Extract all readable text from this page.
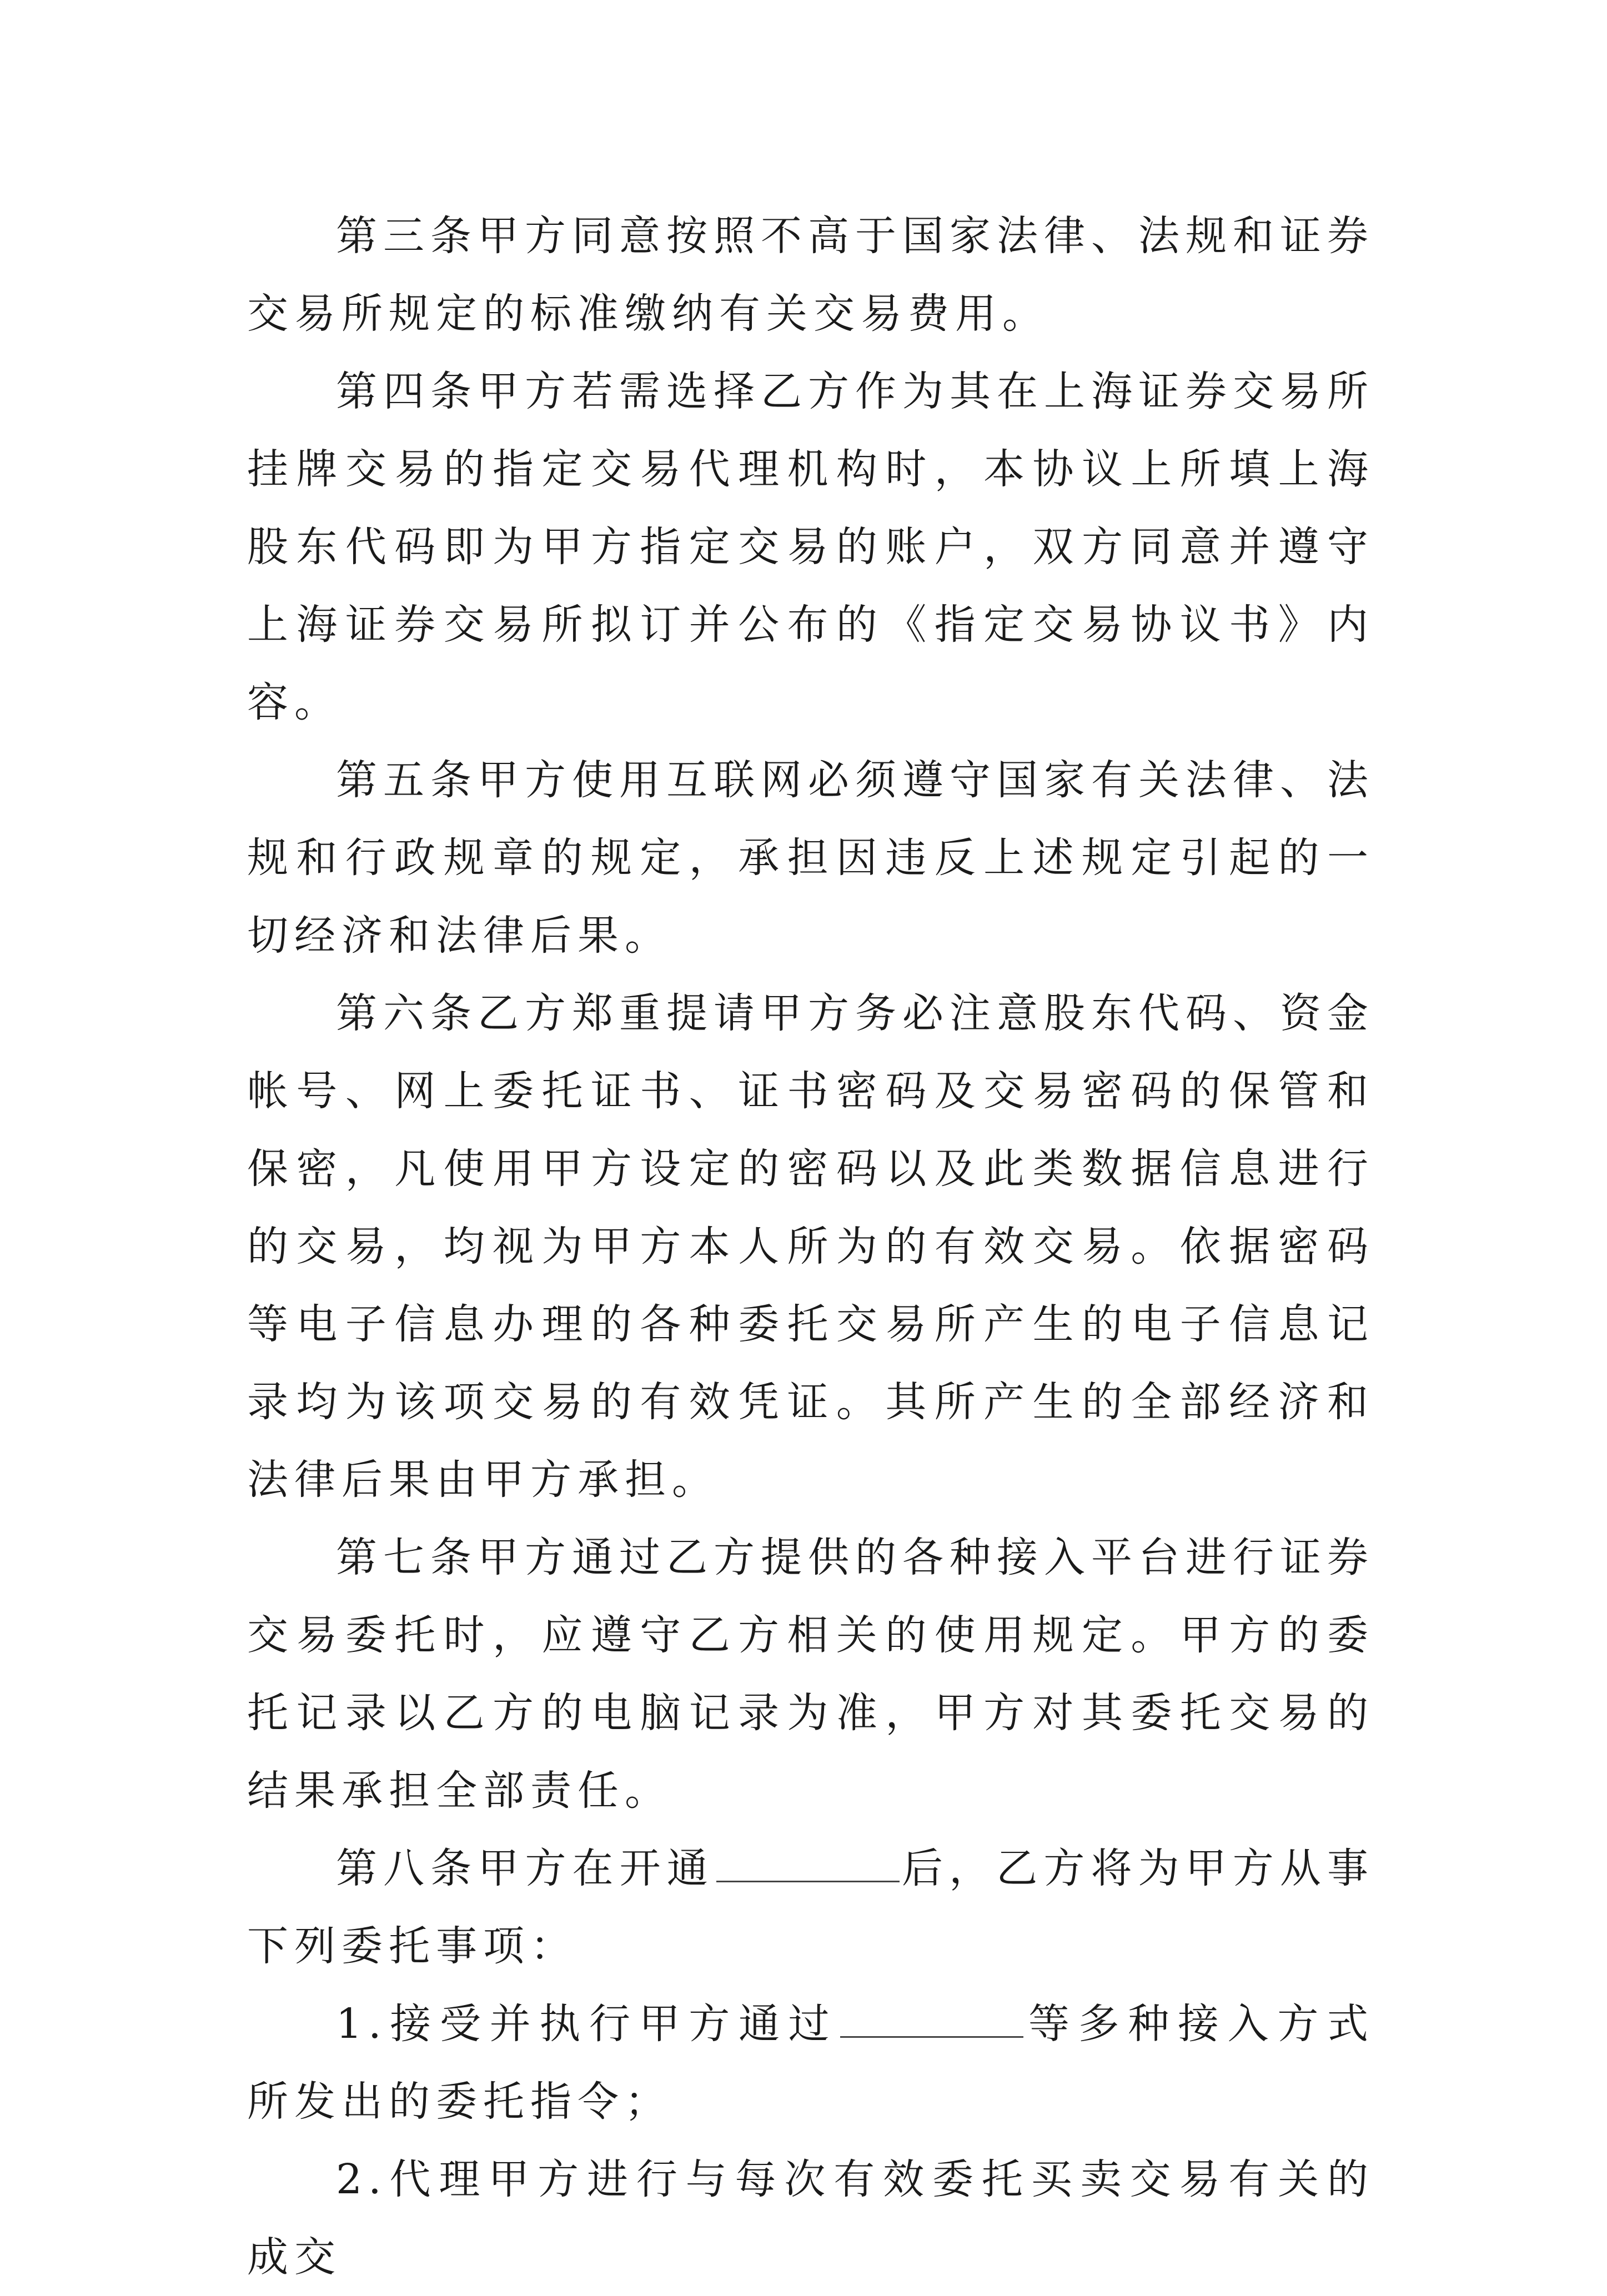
第三条甲方同意按照不高于国家法律、法规和证券交易所规定的标准缴纳有关交易费用。

第四条甲方若需选择乙方作为其在上海证券交易所挂牌交易的指定交易代理机构时，本协议上所填上海股东代码即为甲方指定交易的账户，双方同意并遵守上海证券交易所拟订并公布的《指定交易协议书》内容。

第五条甲方使用互联网必须遵守国家有关法律、法规和行政规章的规定，承担因违反上述规定引起的一切经济和法律后果。

第六条乙方郑重提请甲方务必注意股东代码、资金帐号、网上委托证书、证书密码及交易密码的保管和保密，凡使用甲方设定的密码以及此类数据信息进行的交易，均视为甲方本人所为的有效交易。依据密码等电子信息办理的各种委托交易所产生的电子信息记录均为该项交易的有效凭证。其所产生的全部经济和法律后果由甲方承担。

第七条甲方通过乙方提供的各种接入平台进行证券交易委托时，应遵守乙方相关的使用规定。甲方的委托记录以乙方的电脑记录为准，甲方对其委托交易的结果承担全部责任。

第八条甲方在开通	后，乙方将为甲方从事下列委托事项：

1.接受并执行甲方通过	等多种接入方式所发出的委托指令；

2.代理甲方进行与每次有效委托买卖交易有关的成交
